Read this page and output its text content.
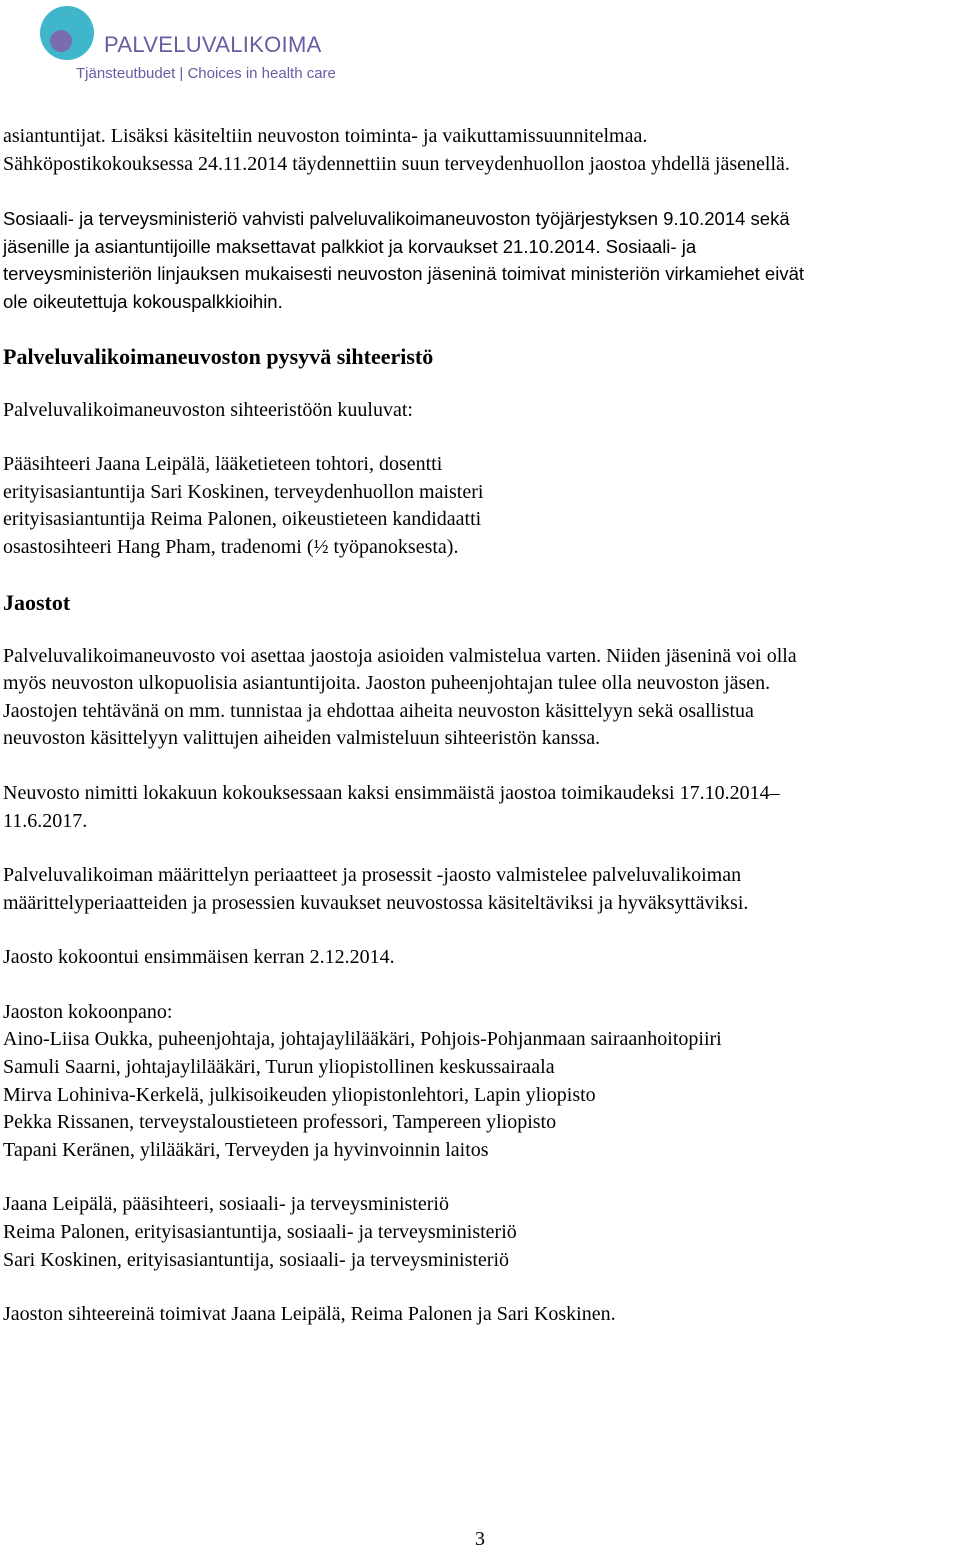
PALVELUVALIKOIMA
Tjänsteutbudet | Choices in health care
asiantuntijat. Lisäksi käsiteltiin neuvoston toiminta- ja vaikuttamissuunnitelmaa.
Sähköpostikokouksessa 24.11.2014 täydennettiin suun terveydenhuollon jaostoa yhdellä jäsenellä.
Sosiaali- ja terveysministeriö vahvisti palveluvalikoimaneuvoston työjärjestyksen 9.10.2014 sekä
jäsenille ja asiantuntijoille maksettavat palkkiot ja korvaukset 21.10.2014. Sosiaali- ja
terveysministeriön linjauksen mukaisesti neuvoston jäseninä toimivat ministeriön virkamiehet eivät
ole oikeutettuja kokouspalkkioihin.
Palveluvalikoimaneuvoston pysyvä sihteeristö
Palveluvalikoimaneuvoston sihteeristöön kuuluvat:
Pääsihteeri Jaana Leipälä, lääketieteen tohtori, dosentti
erityisasiantuntija Sari Koskinen, terveydenhuollon maisteri
erityisasiantuntija Reima Palonen, oikeustieteen kandidaatti
osastosihteeri Hang Pham, tradenomi (½ työpanoksesta).
Jaostot
Palveluvalikoimaneuvosto voi asettaa jaostoja asioiden valmistelua varten. Niiden jäseninä voi olla
myös neuvoston ulkopuolisia asiantuntijoita. Jaoston puheenjohtajan tulee olla neuvoston jäsen.
Jaostojen tehtävänä on mm. tunnistaa ja ehdottaa aiheita neuvoston käsittelyyn sekä osallistua
neuvoston käsittelyyn valittujen aiheiden valmisteluun sihteeristön kanssa.
Neuvosto nimitti lokakuun kokouksessaan kaksi ensimmäistä jaostoa toimikaudeksi 17.10.2014–
11.6.2017.
Palveluvalikoiman määrittelyn periaatteet ja prosessit -jaosto valmistelee palveluvalikoiman
määrittelyperiaatteiden ja prosessien kuvaukset neuvostossa käsiteltäviksi ja hyväksyttäviksi.
Jaosto kokoontui ensimmäisen kerran 2.12.2014.
Jaoston kokoonpano:
Aino-Liisa Oukka, puheenjohtaja, johtajaylilääkäri, Pohjois-Pohjanmaan sairaanhoitopiiri
Samuli Saarni, johtajaylilääkäri, Turun yliopistollinen keskussairaala
Mirva Lohiniva-Kerkelä, julkisoikeuden yliopistonlehtori, Lapin yliopisto
Pekka Rissanen, terveystaloustieteen professori, Tampereen yliopisto
Tapani Keränen, ylilääkäri, Terveyden ja hyvinvoinnin laitos
Jaana Leipälä, pääsihteeri, sosiaali- ja terveysministeriö
Reima Palonen, erityisasiantuntija, sosiaali- ja terveysministeriö
Sari Koskinen, erityisasiantuntija, sosiaali- ja terveysministeriö
Jaoston sihteereinä toimivat Jaana Leipälä, Reima Palonen ja Sari Koskinen.
3
